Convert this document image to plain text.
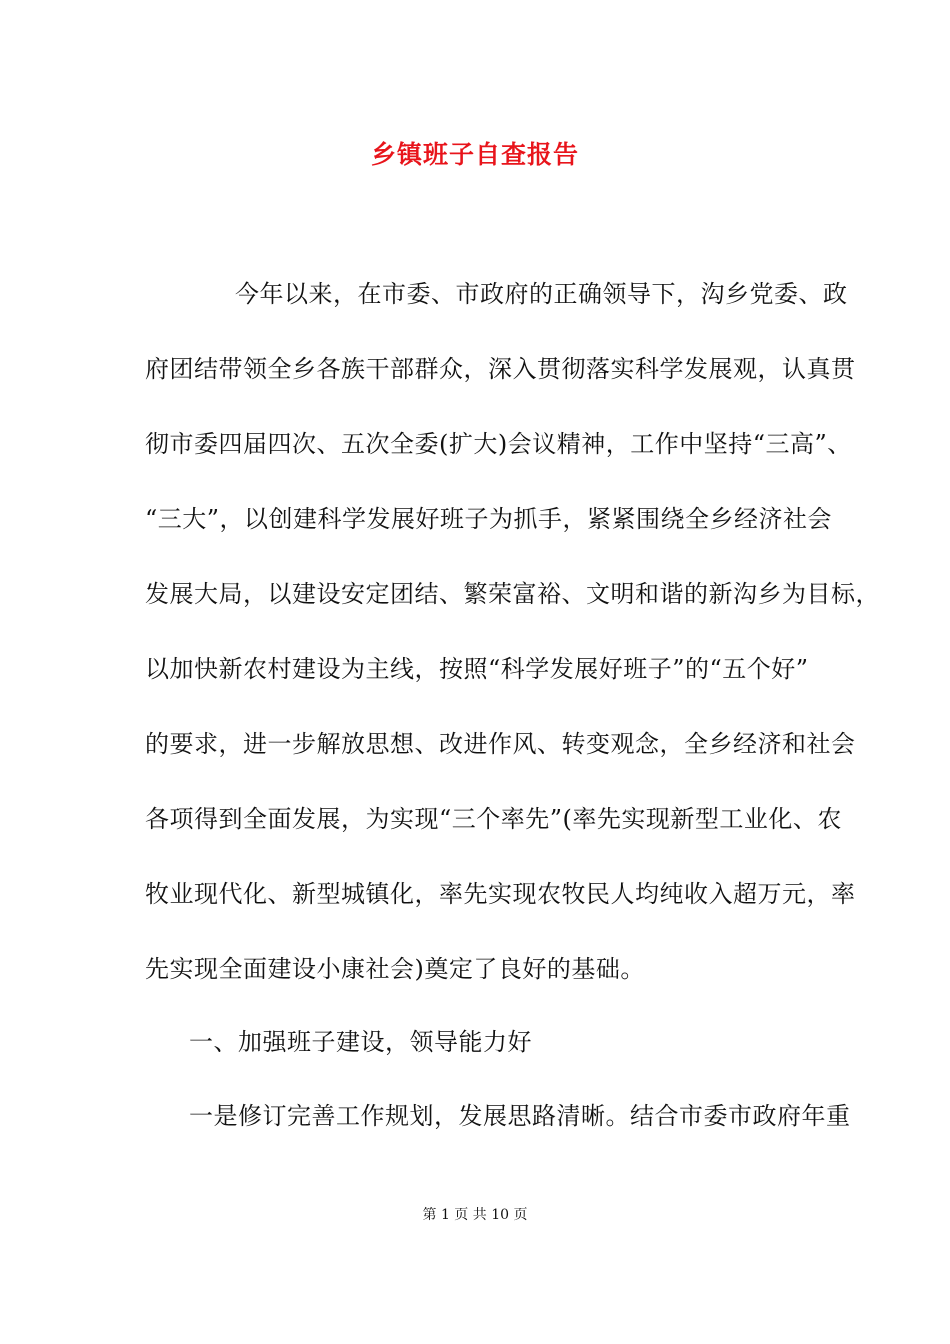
乡镇班子自查报告
今年以来，在市委、市政府的正确领导下，沟乡党委、政
府团结带领全乡各族干部群众，深入贯彻落实科学发展观，认真贯
彻市委四届四次、五次全委(扩大)会议精神，工作中坚持“三高”、
“三大”，以创建科学发展好班子为抓手，紧紧围绕全乡经济社会
发展大局，以建设安定团结、繁荣富裕、文明和谐的新沟乡为目标，
以加快新农村建设为主线，按照“科学发展好班子”的“五个好”
的要求，进一步解放思想、改进作风、转变观念，全乡经济和社会
各项得到全面发展，为实现“三个率先”(率先实现新型工业化、农
牧业现代化、新型城镇化，率先实现农牧民人均纯收入超万元，率
先实现全面建设小康社会)奠定了良好的基础。
一、加强班子建设，领导能力好
一是修订完善工作规划，发展思路清晰。结合市委市政府年重
第 1 页 共 10 页
